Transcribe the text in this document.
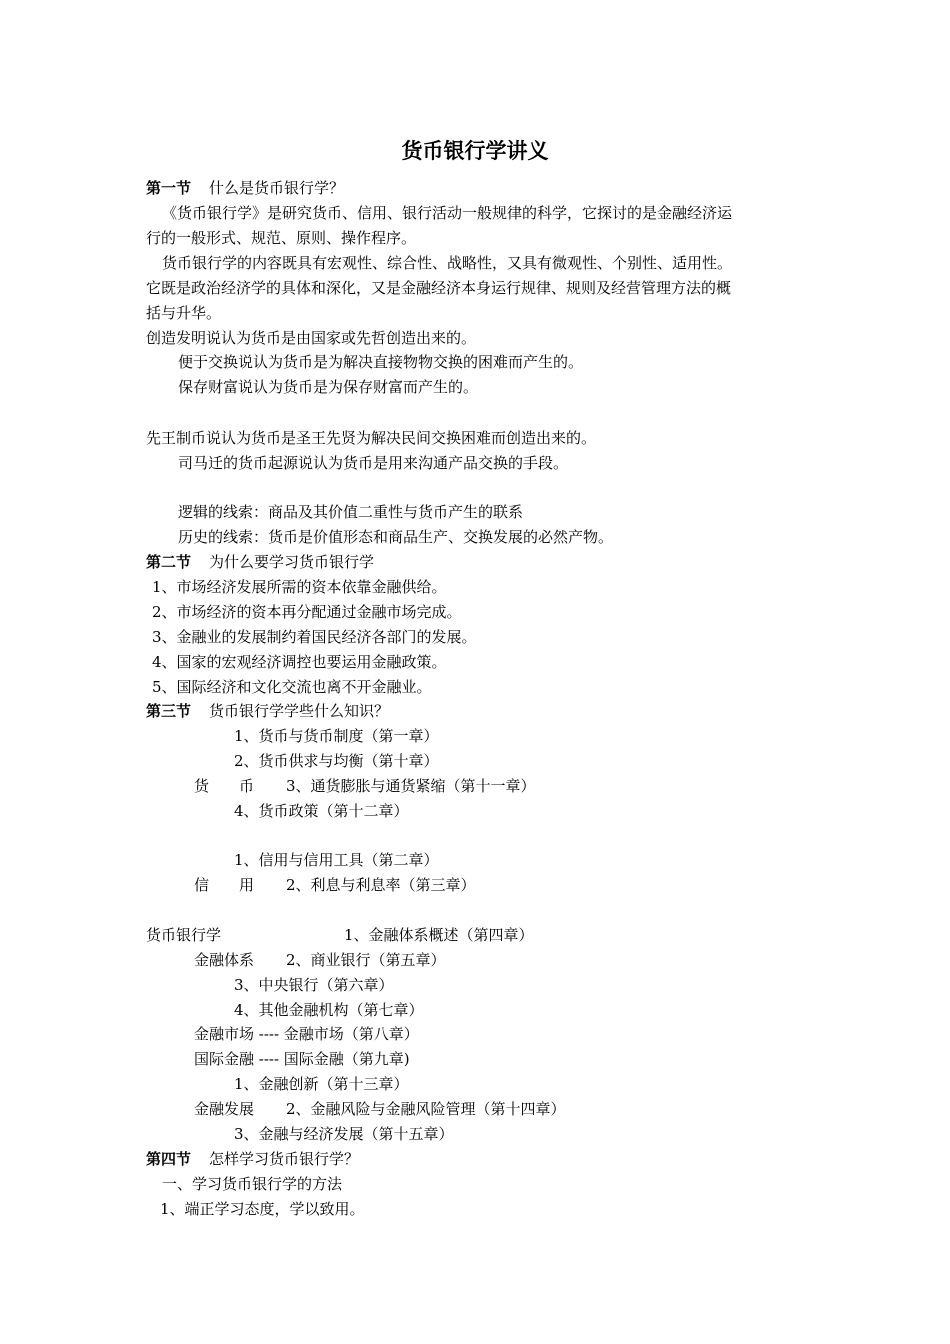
货币银行学讲义
第一节 什么是货币银行学？
《货币银行学》是研究货币、信用、银行活动一般规律的科学，它探讨的是金融经济运
行的一般形式、规范、原则、操作程序。
货币银行学的内容既具有宏观性、综合性、战略性，又具有微观性、个别性、适用性。
它既是政治经济学的具体和深化，又是金融经济本身运行规律、规则及经营管理方法的概
括与升华。
创造发明说认为货币是由国家或先哲创造出来的。
便于交换说认为货币是为解决直接物物交换的困难而产生的。
保存财富说认为货币是为保存财富而产生的。
先王制币说认为货币是圣王先贤为解决民间交换困难而创造出来的。
司马迁的货币起源说认为货币是用来沟通产品交换的手段。
逻辑的线索：商品及其价值二重性与货币产生的联系
历史的线索：货币是价值形态和商品生产、交换发展的必然产物。
第二节 为什么要学习货币银行学
1、市场经济发展所需的资本依靠金融供给。
2、市场经济的资本再分配通过金融市场完成。
3、金融业的发展制约着国民经济各部门的发展。
4、国家的宏观经济调控也要运用金融政策。
5、国际经济和文化交流也离不开金融业。
第三节 货币银行学学些什么知识？
1、货币与货币制度（第一章）
2、货币供求与均衡（第十章）
货　　币 3、通货膨胀与通货紧缩（第十一章）
4、货币政策（第十二章）
1、信用与信用工具（第二章）
信　　用 2、利息与利息率（第三章）
货币银行学	1、金融体系概述（第四章）
金融体系 2、商业银行（第五章）
3、中央银行（第六章）
4、其他金融机构（第七章）
金融市场 ---- 金融市场（第八章）
国际金融 ---- 国际金融（第九章)
1、金融创新（第十三章）
金融发展 2、金融风险与金融风险管理（第十四章）
3、金融与经济发展（第十五章）
第四节 怎样学习货币银行学？
一、学习货币银行学的方法
1、端正学习态度，学以致用。
